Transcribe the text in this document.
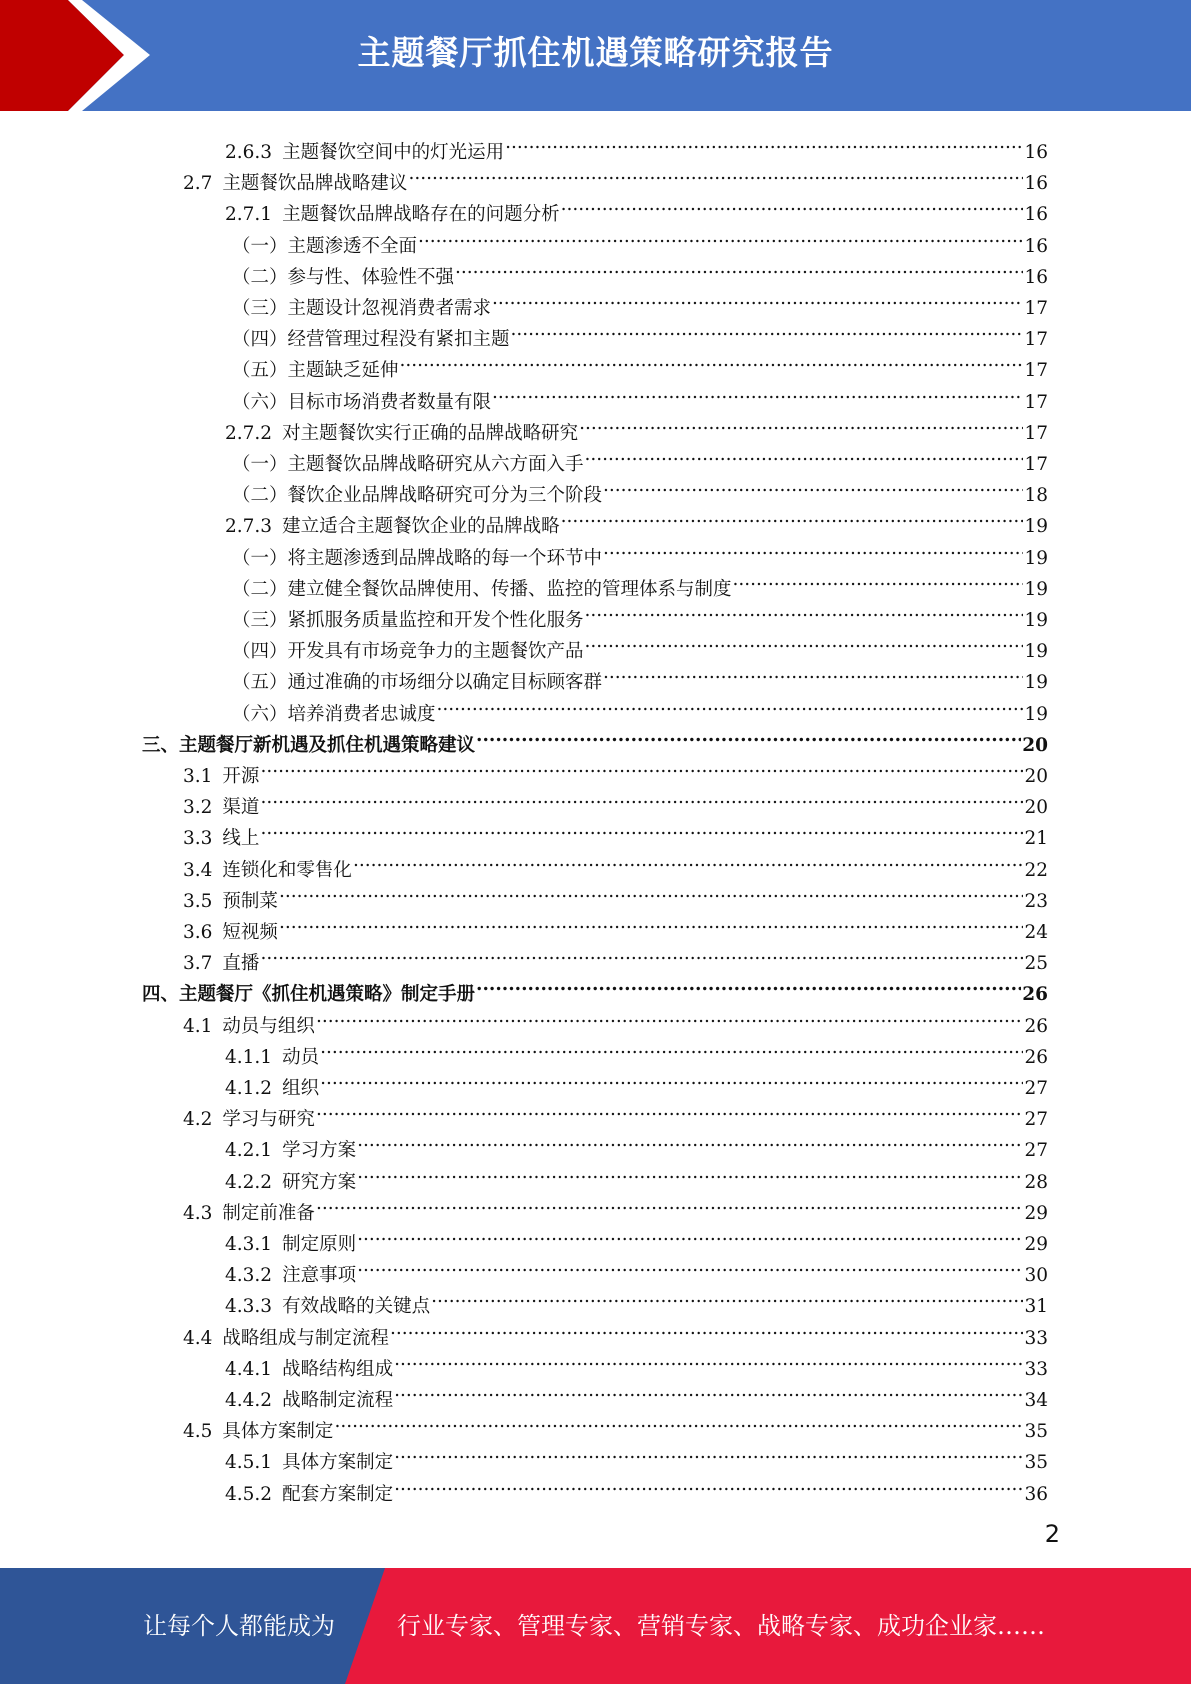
主题餐厅抓住机遇策略研究报告
2.6.3 主题餐饮空间中的灯光运用 .....	16
2.7 主题餐饮品牌战略建议 .....	16
2.7.1 主题餐饮品牌战略存在的问题分析 .....	16
（一） 主题渗透不全面 .....	16
（二） 参与性、体验性不强 .....	16
（三） 主题设计忽视消费者需求 .....	17
（四） 经营管理过程没有紧扣主题 .....	17
（五） 主题缺乏延伸 .....	17
（六） 目标市场消费者数量有限 .....	17
2.7.2 对主题餐饮实行正确的品牌战略研究 .....	17
（一） 主题餐饮品牌战略研究从六方面入手 .....	17
（二） 餐饮企业品牌战略研究可分为三个阶段 .....	18
2.7.3 建立适合主题餐饮企业的品牌战略 .....	19
（一） 将主题渗透到品牌战略的每一个环节中 .....	19
（二） 建立健全餐饮品牌使用、传播、监控的管理体系与制度 .....	19
（三） 紧抓服务质量监控和开发个性化服务 .....	19
（四） 开发具有市场竞争力的主题餐饮产品 .....	19
（五） 通过准确的市场细分以确定目标顾客群 .....	19
（六） 培养消费者忠诚度 .....	19
三、 主题餐厅新机遇及抓住机遇策略建议 .....	20
3.1 开源 .....	20
3.2 渠道 .....	20
3.3 线上 .....	21
3.4 连锁化和零售化 .....	22
3.5 预制菜 .....	23
3.6 短视频 .....	24
3.7 直播 .....	25
四、 主题餐厅《抓住机遇策略》制定手册 .....	26
4.1 动员与组织 .....	26
4.1.1 动员 .....	26
4.1.2 组织 .....	27
4.2 学习与研究 .....	27
4.2.1 学习方案 .....	27
4.2.2 研究方案 .....	28
4.3 制定前准备 .....	29
4.3.1 制定原则 .....	29
4.3.2 注意事项 .....	30
4.3.3 有效战略的关键点 .....	31
4.4 战略组成与制定流程 .....	33
4.4.1 战略结构组成 .....	33
4.4.2 战略制定流程 .....	34
4.5 具体方案制定 .....	35
4.5.1 具体方案制定 .....	35
4.5.2 配套方案制定 .....	36
2
让每个人都能成为	行业专家、管理专家、营销专家、战略专家、成功企业家……
